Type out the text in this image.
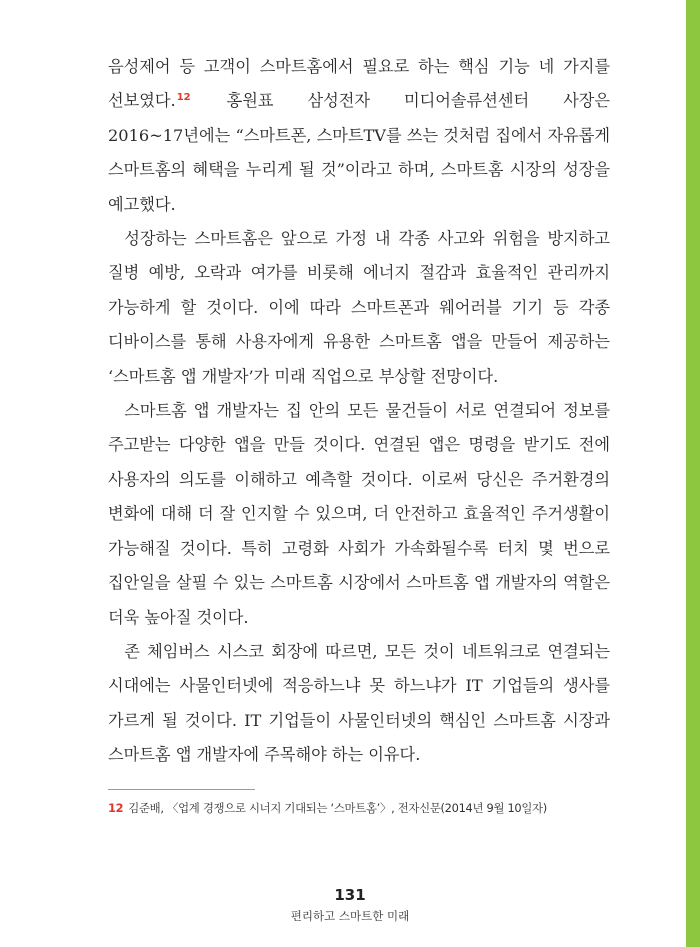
음성제어 등 고객이 스마트홈에서 필요로 하는 핵심 기능 네 가지를 선보였다.$^{12}$ 홍원표 삼성전자 미디어솔류션센터 사장은 2016~17년에는 “스마트폰, 스마트TV를 쓰는 것처럼 집에서 자유롭게 스마트홈의 혜택을 누리게 될 것”이라고 하며, 스마트홈 시장의 성장을 예고했다.

성장하는 스마트홈은 앞으로 가정 내 각종 사고와 위험을 방지하고 질병 예방, 오락과 여가를 비롯해 에너지 절감과 효율적인 관리까지 가능하게 할 것이다. 이에 따라 스마트폰과 웨어러블 기기 등 각종 디바이스를 통해 사용자에게 유용한 스마트홈 앱을 만들어 제공하는 ‘스마트홈 앱 개발자’가 미래 직업으로 부상할 전망이다.

스마트홈 앱 개발자는 집 안의 모든 물건들이 서로 연결되어 정보를 주고받는 다양한 앱을 만들 것이다. 연결된 앱은 명령을 받기도 전에 사용자의 의도를 이해하고 예측할 것이다. 이로써 당신은 주거환경의 변화에 대해 더 잘 인지할 수 있으며, 더 안전하고 효율적인 주거생활이 가능해질 것이다. 특히 고령화 사회가 가속화될수록 터치 몇 번으로 집안일을 살필 수 있는 스마트홈 시장에서 스마트홈 앱 개발자의 역할은 더욱 높아질 것이다.

존 체임버스 시스코 회장에 따르면, 모든 것이 네트워크로 연결되는 시대에는 사물인터넷에 적응하느냐 못 하느냐가 IT 기업들의 생사를 가르게 될 것이다. IT 기업들이 사물인터넷의 핵심인 스마트홈 시장과 스마트홈 앱 개발자에 주목해야 하는 이유다.

12 김준배, 〈업계 경쟁으로 시너지 기대되는 ‘스마트홈’〉, 전자신문(2014년 9월 10일자)
131
편리하고 스마트한 미래
